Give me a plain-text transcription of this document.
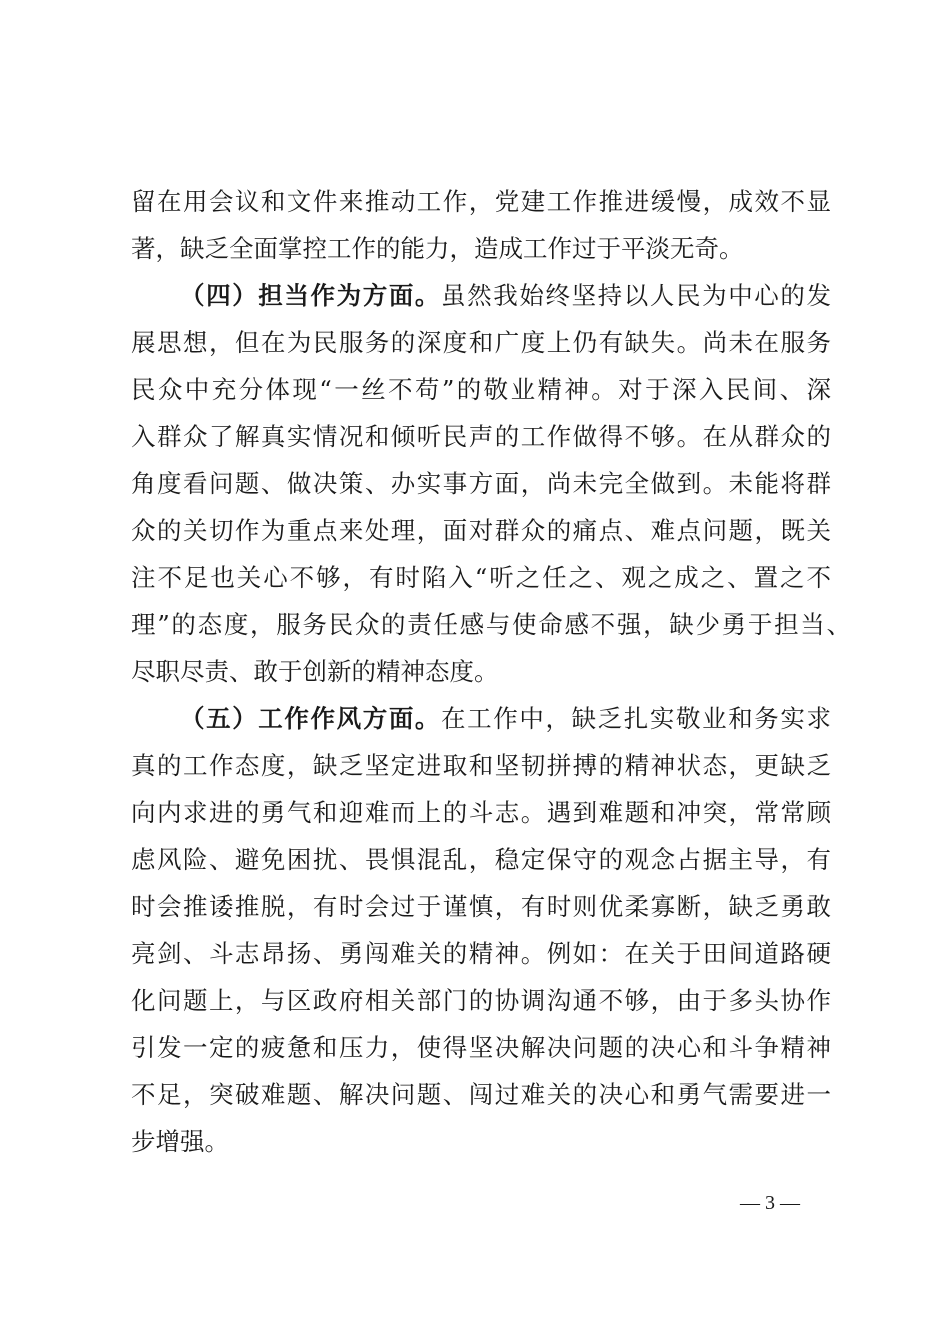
留在用会议和文件来推动工作，党建工作推进缓慢，成效不显
著，缺乏全面掌控工作的能力，造成工作过于平淡无奇。
（四）担当作为方面。虽然我始终坚持以人民为中心的发
展思想，但在为民服务的深度和广度上仍有缺失。尚未在服务
民众中充分体现“一丝不苟”的敬业精神。对于深入民间、深
入群众了解真实情况和倾听民声的工作做得不够。在从群众的
角度看问题、做决策、办实事方面，尚未完全做到。未能将群
众的关切作为重点来处理，面对群众的痛点、难点问题，既关
注不足也关心不够，有时陷入“听之任之、观之成之、置之不
理”的态度，服务民众的责任感与使命感不强，缺少勇于担当、
尽职尽责、敢于创新的精神态度。
（五）工作作风方面。在工作中，缺乏扎实敬业和务实求
真的工作态度，缺乏坚定进取和坚韧拼搏的精神状态，更缺乏
向内求进的勇气和迎难而上的斗志。遇到难题和冲突，常常顾
虑风险、避免困扰、畏惧混乱，稳定保守的观念占据主导，有
时会推诿推脱，有时会过于谨慎，有时则优柔寡断，缺乏勇敢
亮剑、斗志昂扬、勇闯难关的精神。例如：在关于田间道路硬
化问题上，与区政府相关部门的协调沟通不够，由于多头协作
引发一定的疲惫和压力，使得坚决解决问题的决心和斗争精神
不足，突破难题、解决问题、闯过难关的决心和勇气需要进一
步增强。
— 3 —
